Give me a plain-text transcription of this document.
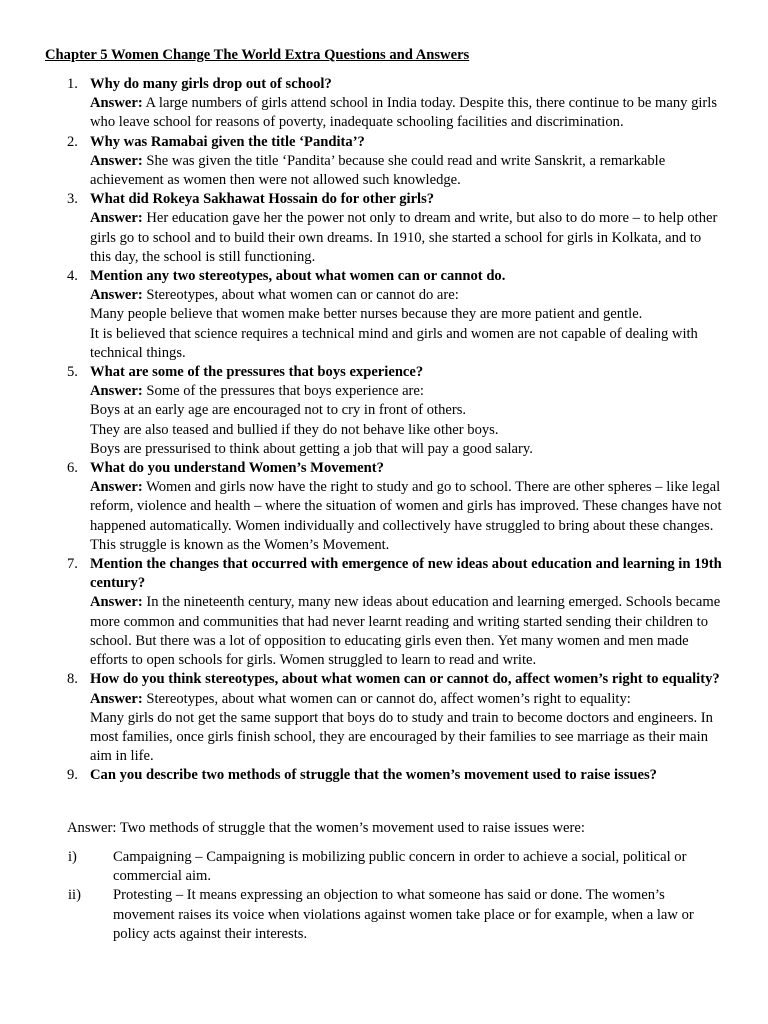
Chapter 5 Women Change The World Extra Questions and Answers
1. Why do many girls drop out of school?
Answer: A large numbers of girls attend school in India today. Despite this, there continue to be many girls who leave school for reasons of poverty, inadequate schooling facilities and discrimination.
2. Why was Ramabai given the title ‘Pandita’?
Answer: She was given the title ‘Pandita’ because she could read and write Sanskrit, a remarkable achievement as women then were not allowed such knowledge.
3. What did Rokeya Sakhawat Hossain do for other girls?
Answer: Her education gave her the power not only to dream and write, but also to do more – to help other girls go to school and to build their own dreams. In 1910, she started a school for girls in Kolkata, and to this day, the school is still functioning.
4. Mention any two stereotypes, about what women can or cannot do.
Answer: Stereotypes, about what women can or cannot do are:
Many people believe that women make better nurses because they are more patient and gentle.
It is believed that science requires a technical mind and girls and women are not capable of dealing with technical things.
5. What are some of the pressures that boys experience?
Answer: Some of the pressures that boys experience are:
Boys at an early age are encouraged not to cry in front of others.
They are also teased and bullied if they do not behave like other boys.
Boys are pressurised to think about getting a job that will pay a good salary.
6. What do you understand Women’s Movement?
Answer: Women and girls now have the right to study and go to school. There are other spheres – like legal reform, violence and health – where the situation of women and girls has improved. These changes have not happened automatically. Women individually and collectively have struggled to bring about these changes. This struggle is known as the Women’s Movement.
7. Mention the changes that occurred with emergence of new ideas about education and learning in 19th century?
Answer: In the nineteenth century, many new ideas about education and learning emerged. Schools became more common and communities that had never learnt reading and writing started sending their children to school. But there was a lot of opposition to educating girls even then. Yet many women and men made efforts to open schools for girls. Women struggled to learn to read and write.
8. How do you think stereotypes, about what women can or cannot do, affect women’s right to equality?
Answer: Stereotypes, about what women can or cannot do, affect women’s right to equality:
Many girls do not get the same support that boys do to study and train to become doctors and engineers. In most families, once girls finish school, they are encouraged by their families to see marriage as their main aim in life.
9. Can you describe two methods of struggle that the women’s movement used to raise issues?
Answer: Two methods of struggle that the women’s movement used to raise issues were:
i) Campaigning – Campaigning is mobilizing public concern in order to achieve a social, political or commercial aim.
ii) Protesting – It means expressing an objection to what someone has said or done. The women’s movement raises its voice when violations against women take place or for example, when a law or policy acts against their interests.
